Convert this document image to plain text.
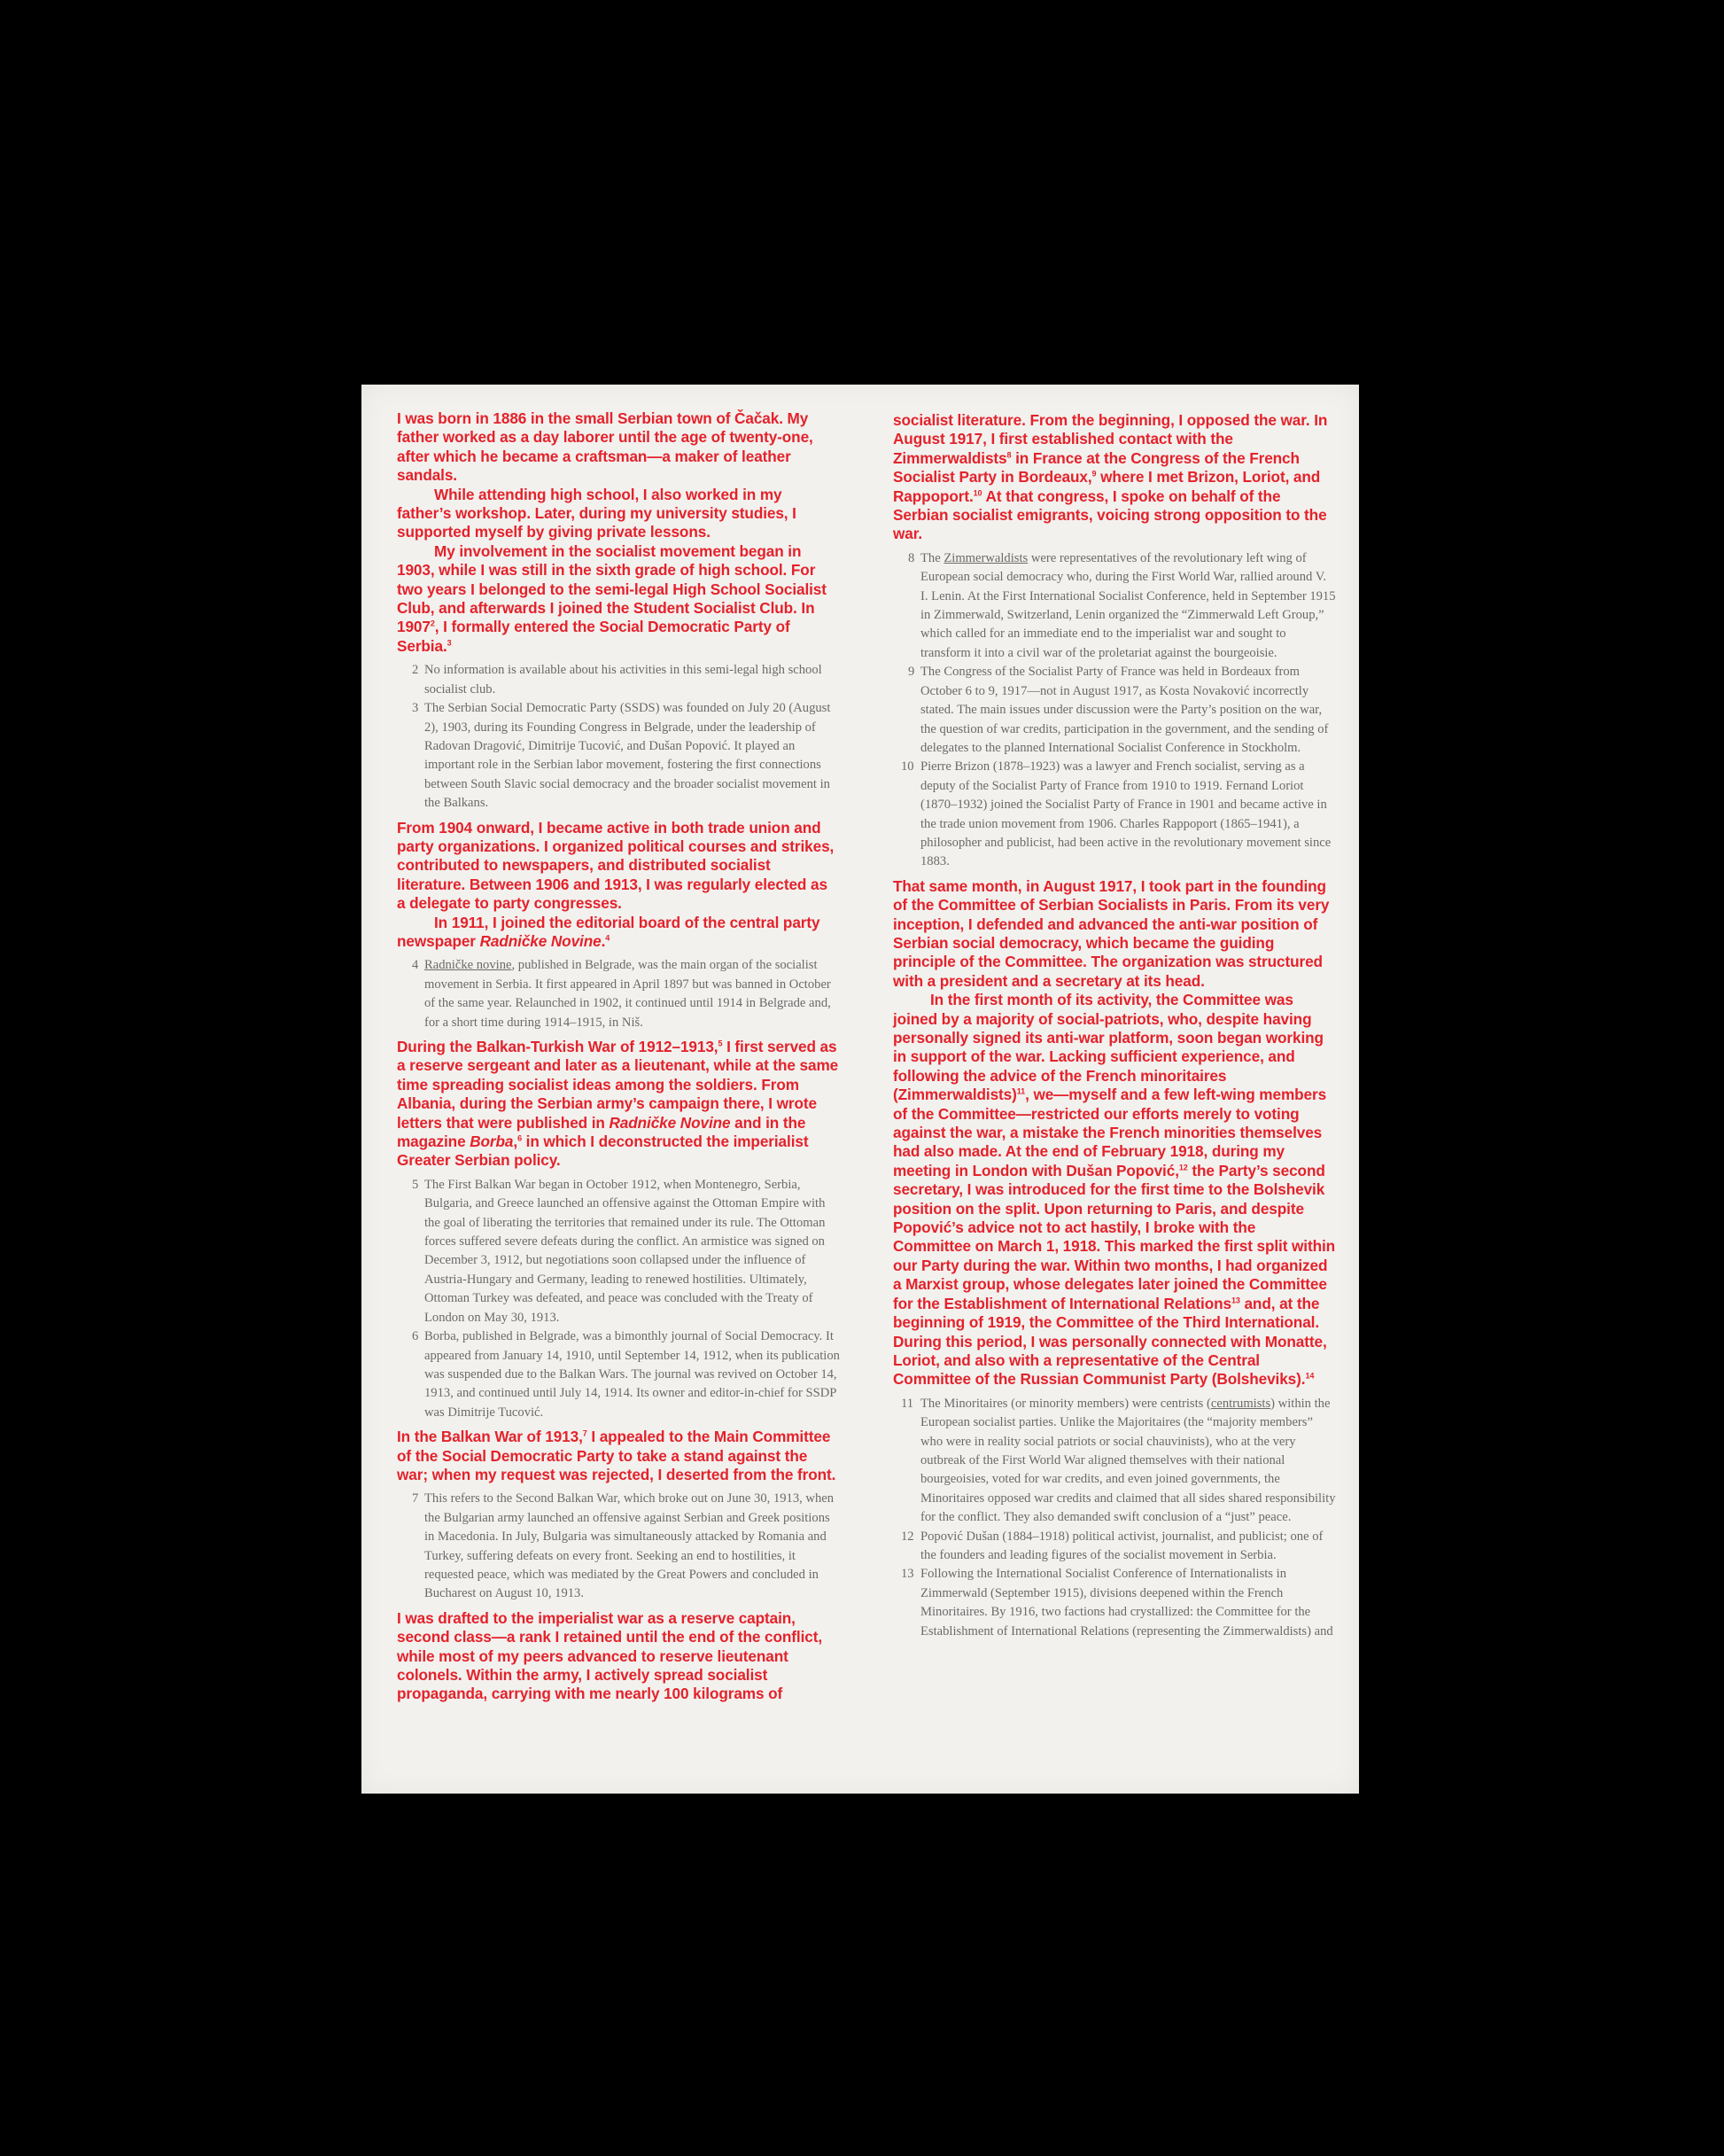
I was born in 1886 in the small Serbian town of Čačak. My father worked as a day laborer until the age of twenty-one, after which he became a craftsman—a maker of leather sandals.

While attending high school, I also worked in my father’s workshop. Later, during my university studies, I supported myself by giving private lessons.

My involvement in the socialist movement began in 1903, while I was still in the sixth grade of high school. For two years I belonged to the semi-legal High School Socialist Club, and afterwards I joined the Student Socialist Club. In 1907$^2$, I formally entered the Social Democratic Party of Serbia.$^3$

2 No information is available about his activities in this semi-legal high school socialist club.
3 The Serbian Social Democratic Party (SSDS) was founded on July 20 (August 2), 1903, during its Founding Congress in Belgrade, under the leadership of Radovan Dragović, Dimitrije Tucović, and Dušan Popović. It played an important role in the Serbian labor movement, fostering the first connections between South Slavic social democracy and the broader socialist movement in the Balkans.

From 1904 onward, I became active in both trade union and party organizations. I organized political courses and strikes, contributed to newspapers, and distributed socialist literature. Between 1906 and 1913, I was regularly elected as a delegate to party congresses.

In 1911, I joined the editorial board of the central party newspaper Radničke Novine.$^4$

4 Radničke novine, published in Belgrade, was the main organ of the socialist movement in Serbia. It first appeared in April 1897 but was banned in October of the same year. Relaunched in 1902, it continued until 1914 in Belgrade and, for a short time during 1914–1915, in Niš.

During the Balkan-Turkish War of 1912–1913,$^5$ I first served as a reserve sergeant and later as a lieutenant, while at the same time spreading socialist ideas among the soldiers. From Albania, during the Serbian army’s campaign there, I wrote letters that were published in Radničke Novine and in the magazine Borba,$^6$ in which I deconstructed the imperialist Greater Serbian policy.

5 The First Balkan War began in October 1912, when Montenegro, Serbia, Bulgaria, and Greece launched an offensive against the Ottoman Empire with the goal of liberating the territories that remained under its rule. The Ottoman forces suffered severe defeats during the conflict. An armistice was signed on December 3, 1912, but negotiations soon collapsed under the influence of Austria-Hungary and Germany, leading to renewed hostilities. Ultimately, Ottoman Turkey was defeated, and peace was concluded with the Treaty of London on May 30, 1913.
6 Borba, published in Belgrade, was a bimonthly journal of Social Democracy. It appeared from January 14, 1910, until September 14, 1912, when its publication was suspended due to the Balkan Wars. The journal was revived on October 14, 1913, and continued until July 14, 1914. Its owner and editor-in-chief for SSDP was Dimitrije Tucović.

In the Balkan War of 1913,$^7$ I appealed to the Main Committee of the Social Democratic Party to take a stand against the war; when my request was rejected, I deserted from the front.

7 This refers to the Second Balkan War, which broke out on June 30, 1913, when the Bulgarian army launched an offensive against Serbian and Greek positions in Macedonia. In July, Bulgaria was simultaneously attacked by Romania and Turkey, suffering defeats on every front. Seeking an end to hostilities, it requested peace, which was mediated by the Great Powers and concluded in Bucharest on August 10, 1913.

I was drafted to the imperialist war as a reserve captain, second class—a rank I retained until the end of the conflict, while most of my peers advanced to reserve lieutenant colonels. Within the army, I actively spread socialist propaganda, carrying with me nearly 100 kilograms of

socialist literature. From the beginning, I opposed the war. In August 1917, I first established contact with the Zimmerwaldists$^8$ in France at the Congress of the French Socialist Party in Bordeaux,$^9$ where I met Brizon, Loriot, and Rappoport.$^{10}$ At that congress, I spoke on behalf of the Serbian socialist emigrants, voicing strong opposition to the war.

8 The Zimmerwaldists were representatives of the revolutionary left wing of European social democracy who, during the First World War, rallied around V. I. Lenin. At the First International Socialist Conference, held in September 1915 in Zimmerwald, Switzerland, Lenin organized the “Zimmerwald Left Group,” which called for an immediate end to the imperialist war and sought to transform it into a civil war of the proletariat against the bourgeoisie.
9 The Congress of the Socialist Party of France was held in Bordeaux from October 6 to 9, 1917—not in August 1917, as Kosta Novaković incorrectly stated. The main issues under discussion were the Party’s position on the war, the question of war credits, participation in the government, and the sending of delegates to the planned International Socialist Conference in Stockholm.
10 Pierre Brizon (1878–1923) was a lawyer and French socialist, serving as a deputy of the Socialist Party of France from 1910 to 1919. Fernand Loriot (1870–1932) joined the Socialist Party of France in 1901 and became active in the trade union movement from 1906. Charles Rappoport (1865–1941), a philosopher and publicist, had been active in the revolutionary movement since 1883.

That same month, in August 1917, I took part in the founding of the Committee of Serbian Socialists in Paris. From its very inception, I defended and advanced the anti-war position of Serbian social democracy, which became the guiding principle of the Committee. The organization was structured with a president and a secretary at its head.

In the first month of its activity, the Committee was joined by a majority of social-patriots, who, despite having personally signed its anti-war platform, soon began working in support of the war. Lacking sufficient experience, and following the advice of the French minoritaires (Zimmerwaldists)$^{11}$, we—myself and a few left-wing members of the Committee—restricted our efforts merely to voting against the war, a mistake the French minorities themselves had also made. At the end of February 1918, during my meeting in London with Dušan Popović,$^{12}$ the Party’s second secretary, I was introduced for the first time to the Bolshevik position on the split. Upon returning to Paris, and despite Popović’s advice not to act hastily, I broke with the Committee on March 1, 1918. This marked the first split within our Party during the war. Within two months, I had organized a Marxist group, whose delegates later joined the Committee for the Establishment of International Relations$^{13}$ and, at the beginning of 1919, the Committee of the Third International. During this period, I was personally connected with Monatte, Loriot, and also with a representative of the Central Committee of the Russian Communist Party (Bolsheviks).$^{14}$

11 The Minoritaires (or minority members) were centrists (centrumists) within the European socialist parties. Unlike the Majoritaires (the “majority members” who were in reality social patriots or social chauvinists), who at the very outbreak of the First World War aligned themselves with their national bourgeoisies, voted for war credits, and even joined governments, the Minoritaires opposed war credits and claimed that all sides shared responsibility for the conflict. They also demanded swift conclusion of a “just” peace.
12 Popović Dušan (1884–1918) political activist, journalist, and publicist; one of the founders and leading figures of the socialist movement in Serbia.
13 Following the International Socialist Conference of Internationalists in Zimmerwald (September 1915), divisions deepened within the French Minoritaires. By 1916, two factions had crystallized: the Committee for the Establishment of International Relations (representing the Zimmerwaldists) and
